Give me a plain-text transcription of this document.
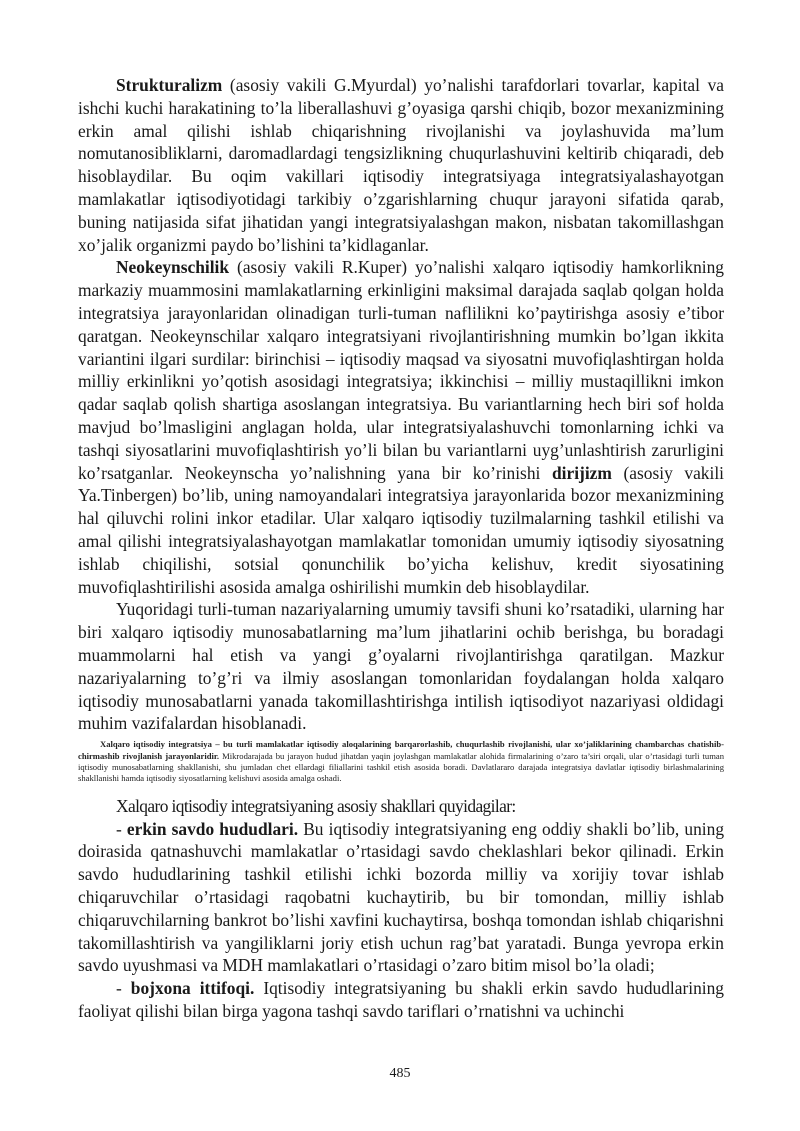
Strukturalizm (asosiy vakili G.Myurdal) yo’nalishi tarafdorlari tovarlar, kapital va ishchi kuchi harakatining to’la liberallashuvi g’oyasiga qarshi chiqib, bozor mexanizmining erkin amal qilishi ishlab chiqarishning rivojlanishi va joylashuvida ma’lum nomutanosibliklarni, daromadlardagi tengsizlikning chuqurlashuvini keltirib chiqaradi, deb hisoblaydilar. Bu oqim vakillari iqtisodiy integratsiyaga integratsiyalashayotgan mamlakatlar iqtisodiyotidagi tarkibiy o’zgarishlarning chuqur jarayoni sifatida qarab, buning natijasida sifat jihatidan yangi integratsiyalashgan makon, nisbatan takomillashgan xo’jalik organizmi paydo bo’lishini ta’kidlaganlar.

Neokeynschilik (asosiy vakili R.Kuper) yo’nalishi xalqaro iqtisodiy hamkorlikning markaziy muammosini mamlakatlarning erkinligini maksimal darajada saqlab qolgan holda integratsiya jarayonlaridan olinadigan turli-tuman naflilikni ko’paytirishga asosiy e’tibor qaratgan. Neokeynschilar xalqaro integratsiyani rivojlantirishning mumkin bo’lgan ikkita variantini ilgari surdilar: birinchisi – iqtisodiy maqsad va siyosatni muvofiqlashtirgan holda milliy erkinlikni yo’qotish asosidagi integratsiya; ikkinchisi – milliy mustaqillikni imkon qadar saqlab qolish shartiga asoslangan integratsiya. Bu variantlarning hech biri sof holda mavjud bo’lmasligini anglagan holda, ular integratsiyalashuvchi tomonlarning ichki va tashqi siyosatlarini muvofiqlashtirish yo’li bilan bu variantlarni uyg’unlashtirish zarurligini ko’rsatganlar. Neokeynscha yo’nalishning yana bir ko’rinishi dirijizm (asosiy vakili Ya.Tinbergen) bo’lib, uning namoyandalari integratsiya jarayonlarida bozor mexanizmining hal qiluvchi rolini inkor etadilar. Ular xalqaro iqtisodiy tuzilmalarning tashkil etilishi va amal qilishi integratsiyalashayotgan mamlakatlar tomonidan umumiy iqtisodiy siyosatning ishlab chiqilishi, sotsial qonunchilik bo’yicha kelishuv, kredit siyosatining muvofiqlashtirilishi asosida amalga oshirilishi mumkin deb hisoblaydilar.

Yuqoridagi turli-tuman nazariyalarning umumiy tavsifi shuni ko’rsatadiki, ularning har biri xalqaro iqtisodiy munosabatlarning ma’lum jihatlarini ochib berishga, bu boradagi muammolarni hal etish va yangi g’oyalarni rivojlantirishga qaratilgan. Mazkur nazariyalarning to’g’ri va ilmiy asoslangan tomonlaridan foydalangan holda xalqaro iqtisodiy munosabatlarni yanada takomillashtirishga intilish iqtisodiyot nazariyasi oldidagi muhim vazifalardan hisoblanadi.

Xalqaro iqtisodiy integratsiya – bu turli mamlakatlar iqtisodiy aloqalarining barqarorlashib, chuqurlashib rivojlanishi, ular xo’jaliklarining chambarchas chatishib-chirmashib rivojlanish jarayonlaridir. Mikrodarajada bu jarayon hudud jihatdan yaqin joylashgan mamlakatlar alohida firmalarining o’zaro ta’siri orqali, ular o’rtasidagi turli tuman iqtisodiy munosabatlarning shakllanishi, shu jumladan chet ellardagi filiallarini tashkil etish asosida boradi. Davlatlararo darajada integratsiya davlatlar iqtisodiy birlashmalarining shakllanishi hamda iqtisodiy siyosatlarning kelishuvi asosida amalga oshadi.

Xalqaro iqtisodiy integratsiyaning asosiy shakllari quyidagilar:

- erkin savdo hududlari. Bu iqtisodiy integratsiyaning eng oddiy shakli bo’lib, uning doirasida qatnashuvchi mamlakatlar o’rtasidagi savdo cheklashlari bekor qilinadi. Erkin savdo hududlarining tashkil etilishi ichki bozorda milliy va xorijiy tovar ishlab chiqaruvchilar o’rtasidagi raqobatni kuchaytirib, bu bir tomondan, milliy ishlab chiqaruvchilarning bankrot bo’lishi xavfini kuchaytirsa, boshqa tomondan ishlab chiqarishni takomillashtirish va yangiliklarni joriy etish uchun rag’bat yaratadi. Bunga yevropa erkin savdo uyushmasi va MDH mamlakatlari o’rtasidagi o’zaro bitim misol bo’la oladi;

- bojxona ittifoqi. Iqtisodiy integratsiyaning bu shakli erkin savdo hududlarining faoliyat qilishi bilan birga yagona tashqi savdo tariflari o’rnatishni va uchinchi

485
